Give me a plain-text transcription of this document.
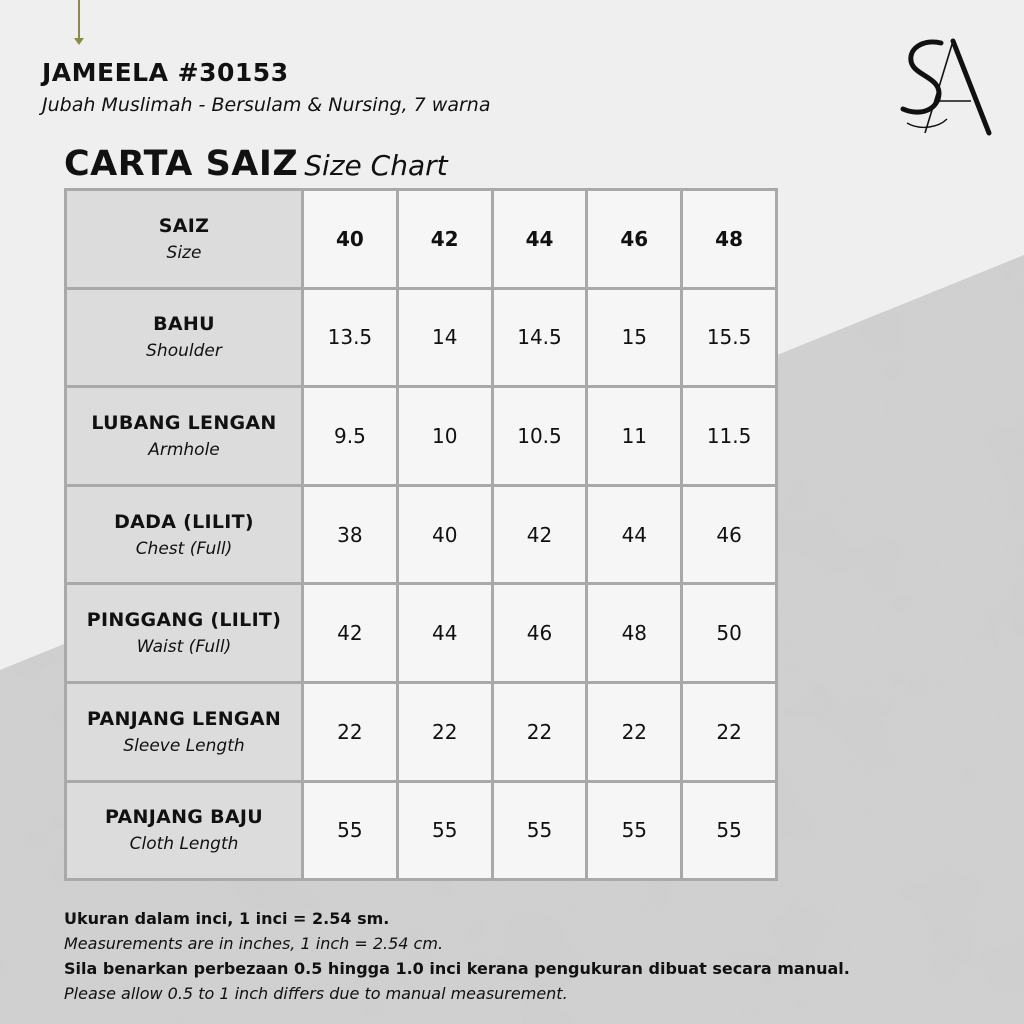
JAMEELA #30153
Jubah Muslimah - Bersulam & Nursing, 7 warna
CARTA SAIZ Size Chart
SAIZ
Size	40	42	44	46	48

BAHU
Shoulder	13.5	14	14.5	15	15.5

LUBANG LENGAN
Armhole	9.5	10	10.5	11	11.5

DADA (LILIT)
Chest (Full)	38	40	42	44	46

PINGGANG (LILIT)
Waist (Full)	42	44	46	48	50

PANJANG LENGAN
Sleeve Length	22	22	22	22	22

PANJANG BAJU
Cloth Length	55	55	55	55	55
Ukuran dalam inci, 1 inci = 2.54 sm.
Measurements are in inches, 1 inch = 2.54 cm.
Sila benarkan perbezaan 0.5 hingga 1.0 inci kerana pengukuran dibuat secara manual.
Please allow 0.5 to 1 inch differs due to manual measurement.
